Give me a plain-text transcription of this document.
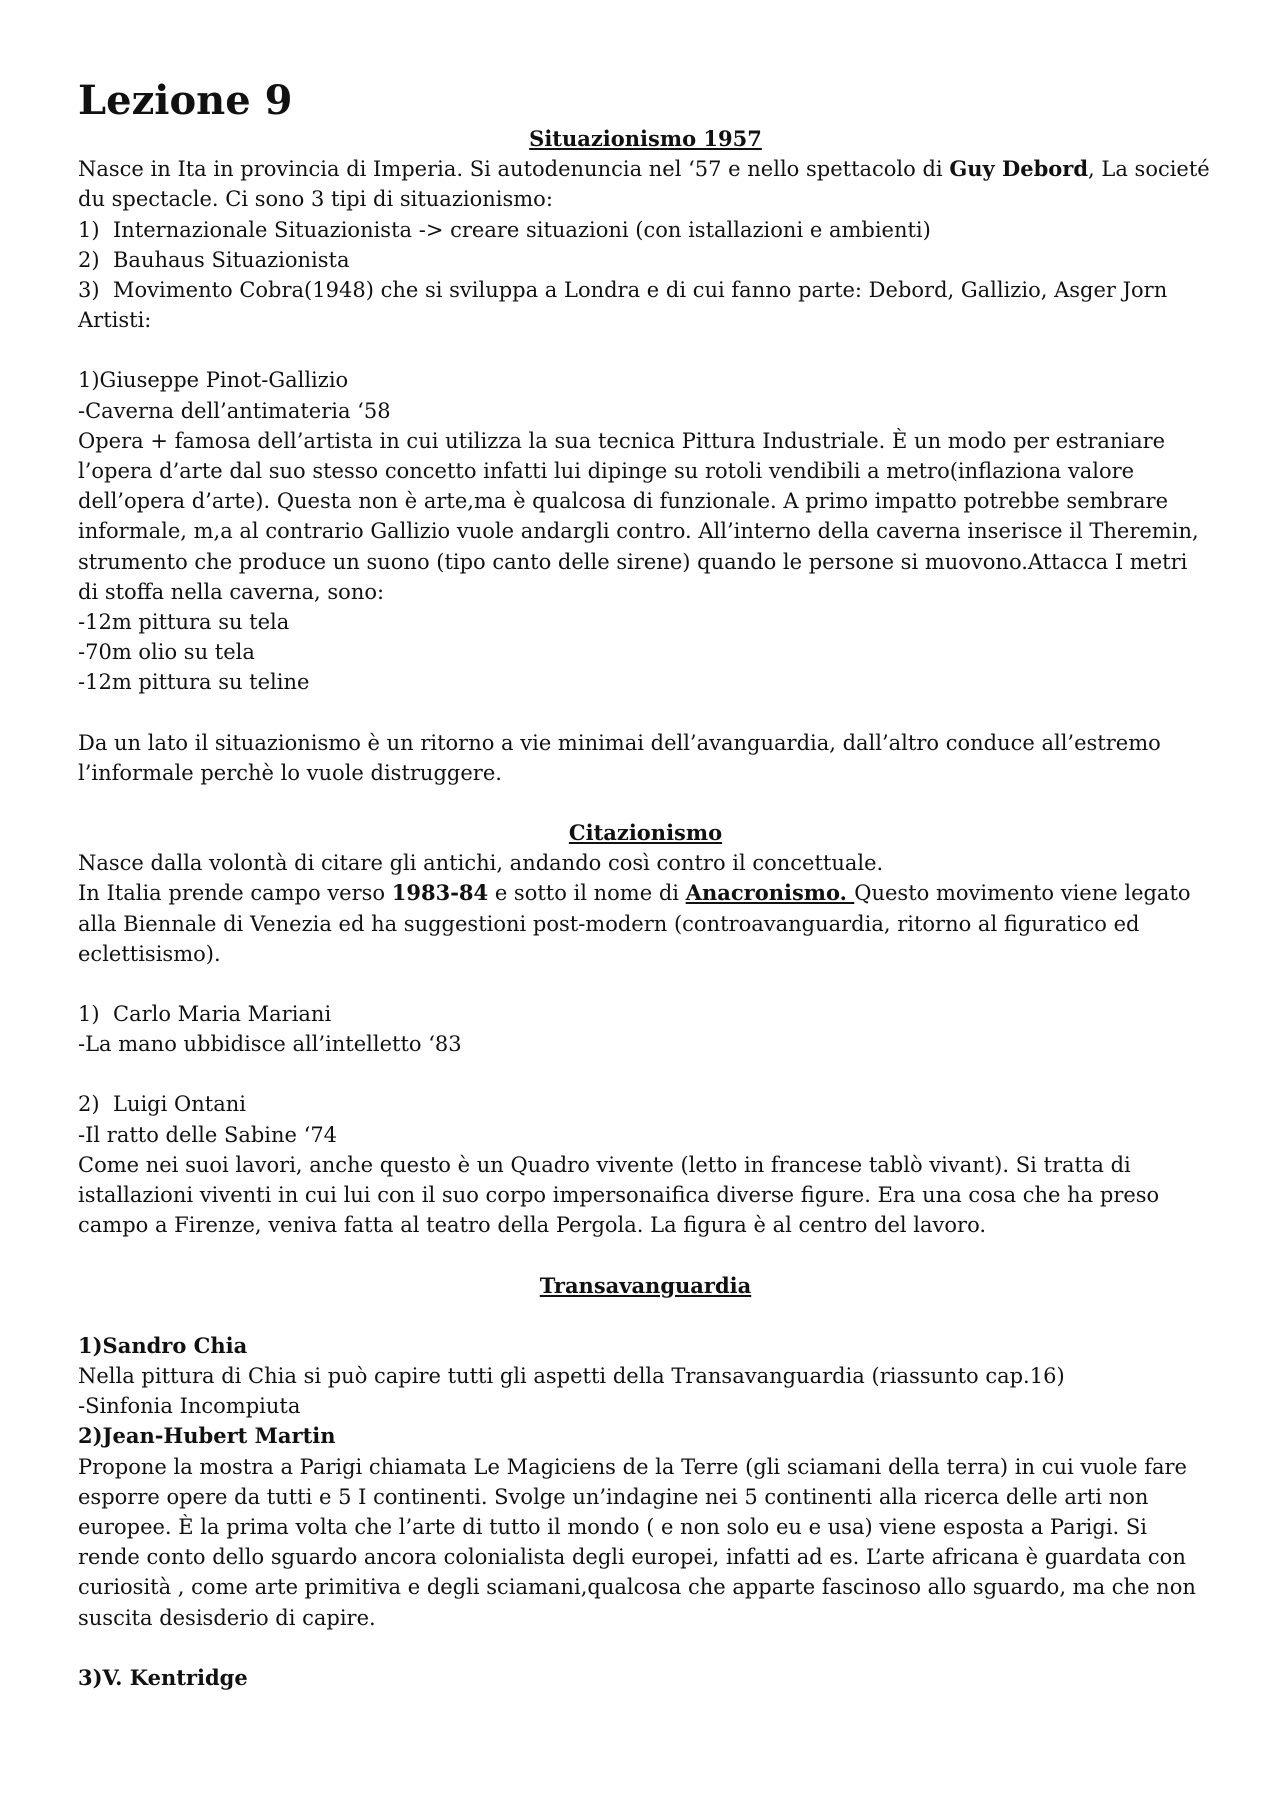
Lezione 9

Situazionismo 1957

Nasce in Ita in provincia di Imperia. Si autodenuncia nel ‘57 e nello spettacolo di Guy Debord, La societé du spectacle. Ci sono 3 tipi di situazionismo:

1) Internazionale Situazionista -> creare situazioni (con istallazioni e ambienti)
2) Bauhaus Situazionista
3) Movimento Cobra(1948) che si sviluppa a Londra e di cui fanno parte: Debord, Gallizio, Asger Jorn

Artisti:

1)Giuseppe Pinot-Gallizio

-Caverna dell’antimateria ‘58

Opera + famosa dell’artista in cui utilizza la sua tecnica Pittura Industriale. È un modo per estraniare l’opera d’arte dal suo stesso concetto infatti lui dipinge su rotoli vendibili a metro(inflaziona valore dell’opera d’arte). Questa non è arte,ma è qualcosa di funzionale. A primo impatto potrebbe sembrare informale, m,a al contrario Gallizio vuole andargli contro. All’interno della caverna inserisce il Theremin, strumento che produce un suono (tipo canto delle sirene) quando le persone si muovono.Attacca I metri di stoffa nella caverna, sono:

-12m pittura su tela

-70m olio su tela

-12m pittura su teline

Da un lato il situazionismo è un ritorno a vie minimai dell’avanguardia, dall’altro conduce all’estremo l’informale perchè lo vuole distruggere.

Citazionismo

Nasce dalla volontà di citare gli antichi, andando così contro il concettuale.

In Italia prende campo verso 1983-84 e sotto il nome di Anacronismo. Questo movimento viene legato alla Biennale di Venezia ed ha suggestioni post-modern (controavanguardia, ritorno al figuratico ed eclettisismo).

1) Carlo Maria Mariani

-La mano ubbidisce all’intelletto ‘83

2) Luigi Ontani

-Il ratto delle Sabine ‘74

Come nei suoi lavori, anche questo è un Quadro vivente (letto in francese tablò vivant). Si tratta di istallazioni viventi in cui lui con il suo corpo impersonaifica diverse figure. Era una cosa che ha preso campo a Firenze, veniva fatta al teatro della Pergola. La figura è al centro del lavoro.

Transavanguardia

1)Sandro Chia

Nella pittura di Chia si può capire tutti gli aspetti della Transavanguardia (riassunto cap.16)

-Sinfonia Incompiuta

2)Jean-Hubert Martin

Propone la mostra a Parigi chiamata Le Magiciens de la Terre (gli sciamani della terra) in cui vuole fare esporre opere da tutti e 5 I continenti. Svolge un’indagine nei 5 continenti alla ricerca delle arti non europee. È la prima volta che l’arte di tutto il mondo ( e non solo eu e usa) viene esposta a Parigi. Si rende conto dello sguardo ancora colonialista degli europei, infatti ad es. L’arte africana è guardata con curiosità , come arte primitiva e degli sciamani,qualcosa che apparte fascinoso allo sguardo, ma che non suscita desisderio di capire.

3)V. Kentridge
